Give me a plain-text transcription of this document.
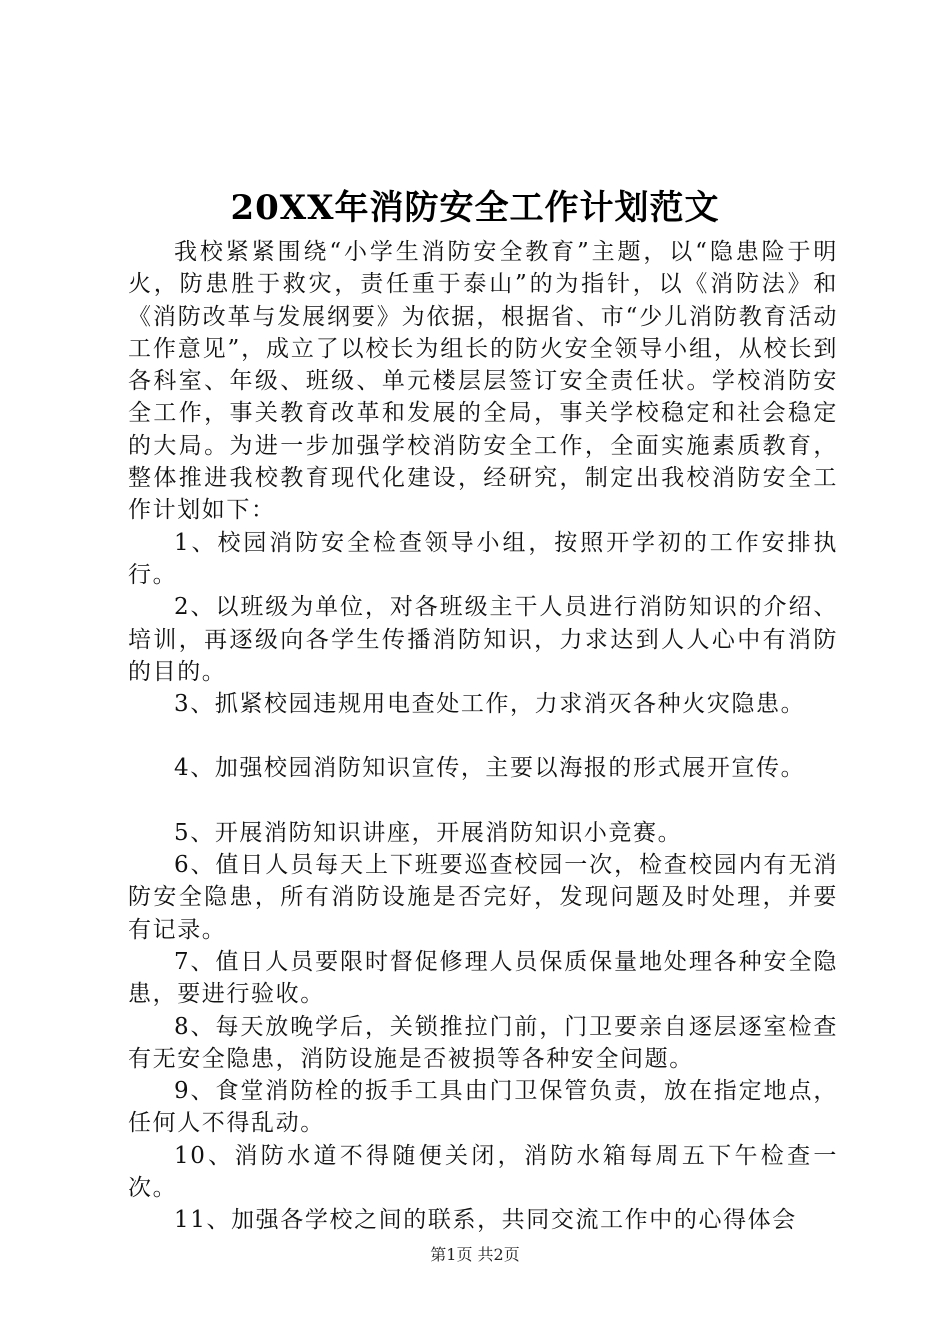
20XX年消防安全工作计划范文

我校紧紧围绕“小学生消防安全教育”主题，以“隐患险于明火，防患胜于救灾，责任重于泰山”的为指针，以《消防法》和《消防改革与发展纲要》为依据，根据省、市“少儿消防教育活动工作意见”，成立了以校长为组长的防火安全领导小组，从校长到各科室、年级、班级、单元楼层层签订安全责任状。学校消防安全工作，事关教育改革和发展的全局，事关学校稳定和社会稳定的大局。为进一步加强学校消防安全工作，全面实施素质教育，整体推进我校教育现代化建设，经研究，制定出我校消防安全工作计划如下：

1、校园消防安全检查领导小组，按照开学初的工作安排执行。

2、以班级为单位，对各班级主干人员进行消防知识的介绍、培训，再逐级向各学生传播消防知识，力求达到人人心中有消防的目的。

3、抓紧校园违规用电查处工作，力求消灭各种火灾隐患。

4、加强校园消防知识宣传，主要以海报的形式展开宣传。

5、开展消防知识讲座，开展消防知识小竞赛。

6、值日人员每天上下班要巡查校园一次，检查校园内有无消防安全隐患，所有消防设施是否完好，发现问题及时处理，并要有记录。

7、值日人员要限时督促修理人员保质保量地处理各种安全隐患，要进行验收。

8、每天放晚学后，关锁推拉门前，门卫要亲自逐层逐室检查有无安全隐患，消防设施是否被损等各种安全问题。

9、食堂消防栓的扳手工具由门卫保管负责，放在指定地点，任何人不得乱动。

10、消防水道不得随便关闭，消防水箱每周五下午检查一次。

11、加强各学校之间的联系，共同交流工作中的心得体会

第1页 共2页
